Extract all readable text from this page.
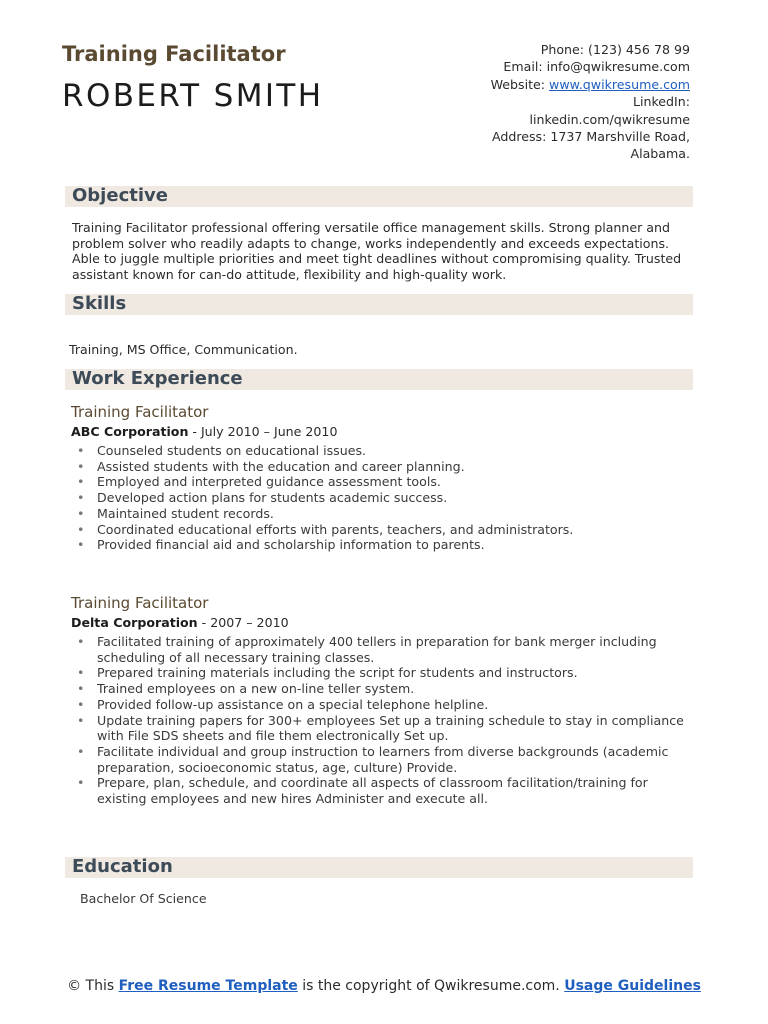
Training Facilitator
ROBERT SMITH
Phone: (123) 456 78 99
Email: info@qwikresume.com
Website: www.qwikresume.com
LinkedIn:
linkedin.com/qwikresume
Address: 1737 Marshville Road,
Alabama.
Objective
Training Facilitator professional offering versatile office management skills. Strong planner and problem solver who readily adapts to change, works independently and exceeds expectations. Able to juggle multiple priorities and meet tight deadlines without compromising quality. Trusted assistant known for can-do attitude, flexibility and high-quality work.
Skills
Training, MS Office, Communication.
Work Experience
Training Facilitator
ABC Corporation - July 2010 – June 2010
• Counseled students on educational issues.
• Assisted students with the education and career planning.
• Employed and interpreted guidance assessment tools.
• Developed action plans for students academic success.
• Maintained student records.
• Coordinated educational efforts with parents, teachers, and administrators.
• Provided financial aid and scholarship information to parents.
Training Facilitator
Delta Corporation - 2007 – 2010
• Facilitated training of approximately 400 tellers in preparation for bank merger including scheduling of all necessary training classes.
• Prepared training materials including the script for students and instructors.
• Trained employees on a new on-line teller system.
• Provided follow-up assistance on a special telephone helpline.
• Update training papers for 300+ employees Set up a training schedule to stay in compliance with File SDS sheets and file them electronically Set up.
• Facilitate individual and group instruction to learners from diverse backgrounds (academic preparation, socioeconomic status, age, culture) Provide.
• Prepare, plan, schedule, and coordinate all aspects of classroom facilitation/training for existing employees and new hires Administer and execute all.
Education
Bachelor Of Science
© This Free Resume Template is the copyright of Qwikresume.com. Usage Guidelines
